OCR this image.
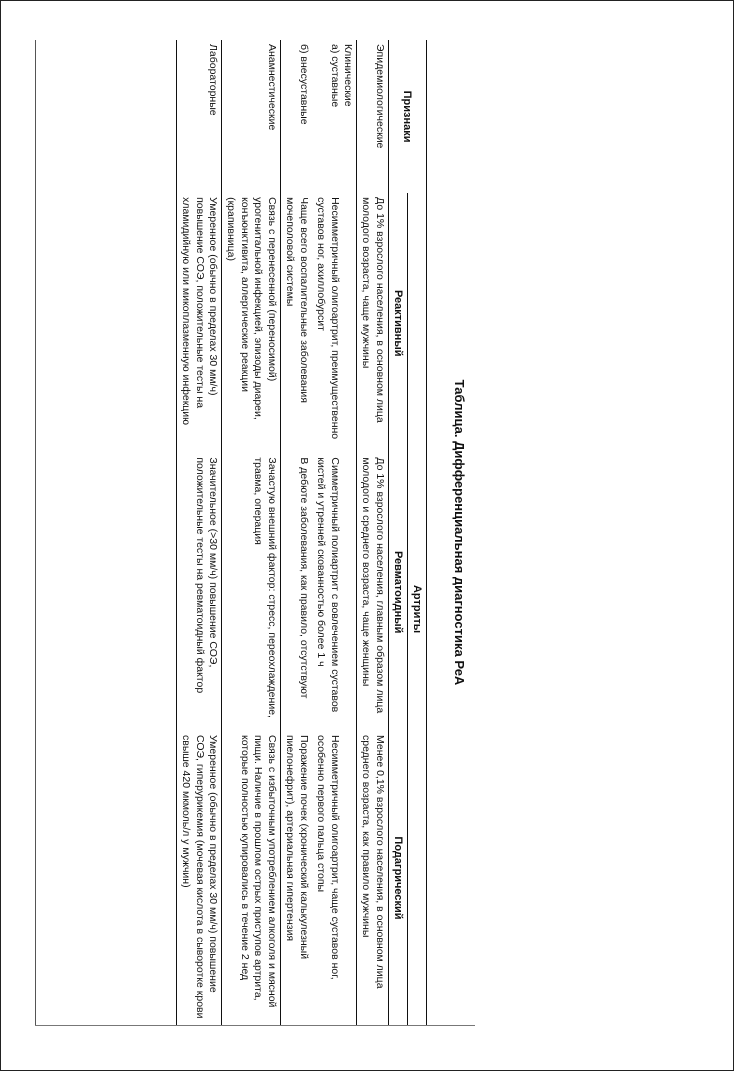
Таблица. Дифференциальная диагностика РеА
Признаки	Артриты		
	Реактивный	Ревматоидный	Подагрический
Эпидемиологические	До 1% взрослого населения, в основном лица молодого возраста, чаще мужчины	До 1% взрослого населения, главным образом лица молодого и среднего возраста, чаще женщины	Менее 0,1% взрослого населения, в основном лица среднего возраста, как правило мужчины

Клинические
а) суставные	Несимметричный олигоартрит, преимущественно суставов ног, ахиллобурсит	Симметричный полиартрит с вовлечением суставов кистей и утренней скованностью более 1 ч	Несимметричный олигоартрит, чаще суставов ног, особенно первого пальца стопы

б) внесуставные	Чаще всего воспалительные заболевания мочеполовой системы	В дебюте заболевания, как правило, отсутствуют	Поражение почек (хронический калькулезный пиелонефрит), артериальная гипертензия
Анамнестические	Связь с перенесенной (переносимой) урогенитальной инфекцией, эпизоды диареи, конъюнктивита, аллергические реакции (крапивница)	Зачастую внешний фактор: стресс, переохлаждение, травма, операция	Связь с избыточным употреблением алкоголя и мясной пищи. Наличие в прошлом острых приступов артрита, которые полностью купировались в течение 2 нед
Лабораторные	Умеренное (обычно в пределах 30 мм/ч) повышение СОЭ, положительные тесты на хламидийную или микоплазменную инфекцию	Значительное (>30 мм/ч) повышение СОЭ, положительные тесты на ревматоидный фактор	Умеренное (обычно в пределах 30 мм/ч) повышение СОЭ, гиперурикемия (мочевая кислота в сыворотке крови свыше 420 мкмоль/л у мужчин)
